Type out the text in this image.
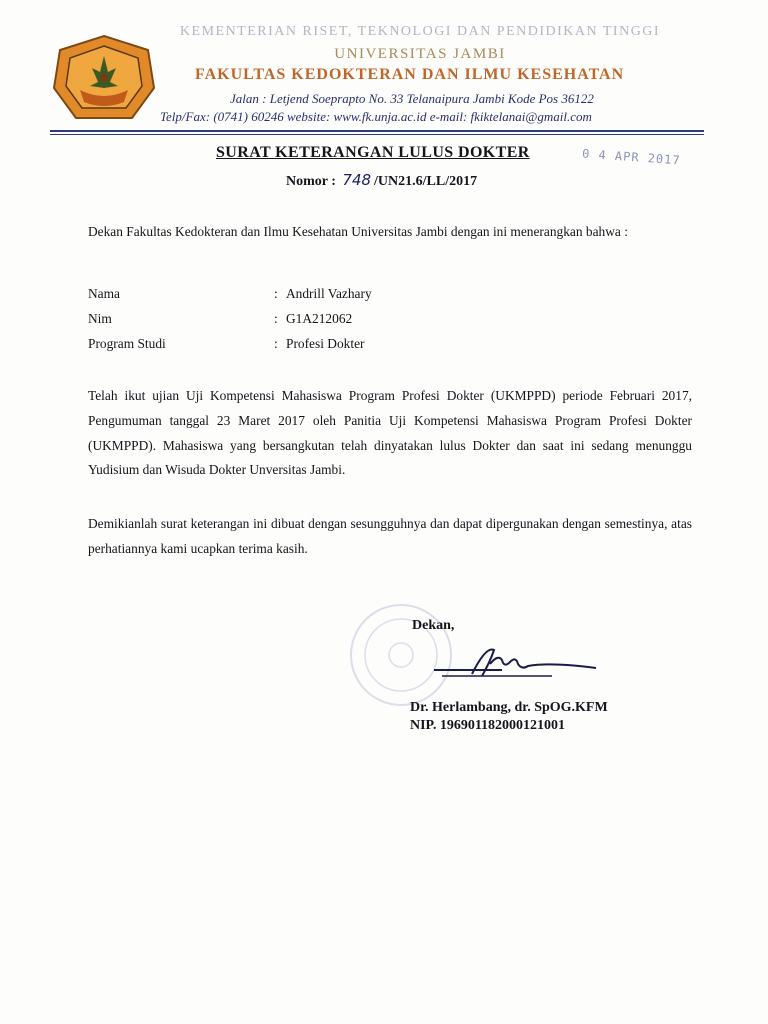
KEMENTERIAN RISET, TEKNOLOGI DAN PENDIDIKAN TINGGI
UNIVERSITAS JAMBI
FAKULTAS KEDOKTERAN DAN ILMU KESEHATAN
Jalan : Letjend Soeprapto No. 33 Telanaipura Jambi Kode Pos 36122
Telp/Fax: (0741) 60246 website: www.fk.unja.ac.id e-mail: fkiktelanai@gmail.com
SURAT KETERANGAN LULUS DOKTER
Nomor : 748 /UN21.6/LL/2017
0 4 APR 2017
Dekan Fakultas Kedokteran dan Ilmu Kesehatan Universitas Jambi dengan ini menerangkan bahwa :
Nama	: Andrill Vazhary
Nim	: G1A212062
Program Studi	: Profesi Dokter
Telah ikut ujian Uji Kompetensi Mahasiswa Program Profesi Dokter (UKMPPD) periode Februari 2017, Pengumuman tanggal 23 Maret 2017 oleh Panitia Uji Kompetensi Mahasiswa Program Profesi Dokter (UKMPPD). Mahasiswa yang bersangkutan telah dinyatakan lulus Dokter dan saat ini sedang menunggu Yudisium dan Wisuda Dokter Unversitas Jambi.
Demikianlah surat keterangan ini dibuat dengan sesungguhnya dan dapat dipergunakan dengan semestinya, atas perhatiannya kami ucapkan terima kasih.
Dekan,
Dr. Herlambang, dr. SpOG.KFM
NIP. 196901182000121001
